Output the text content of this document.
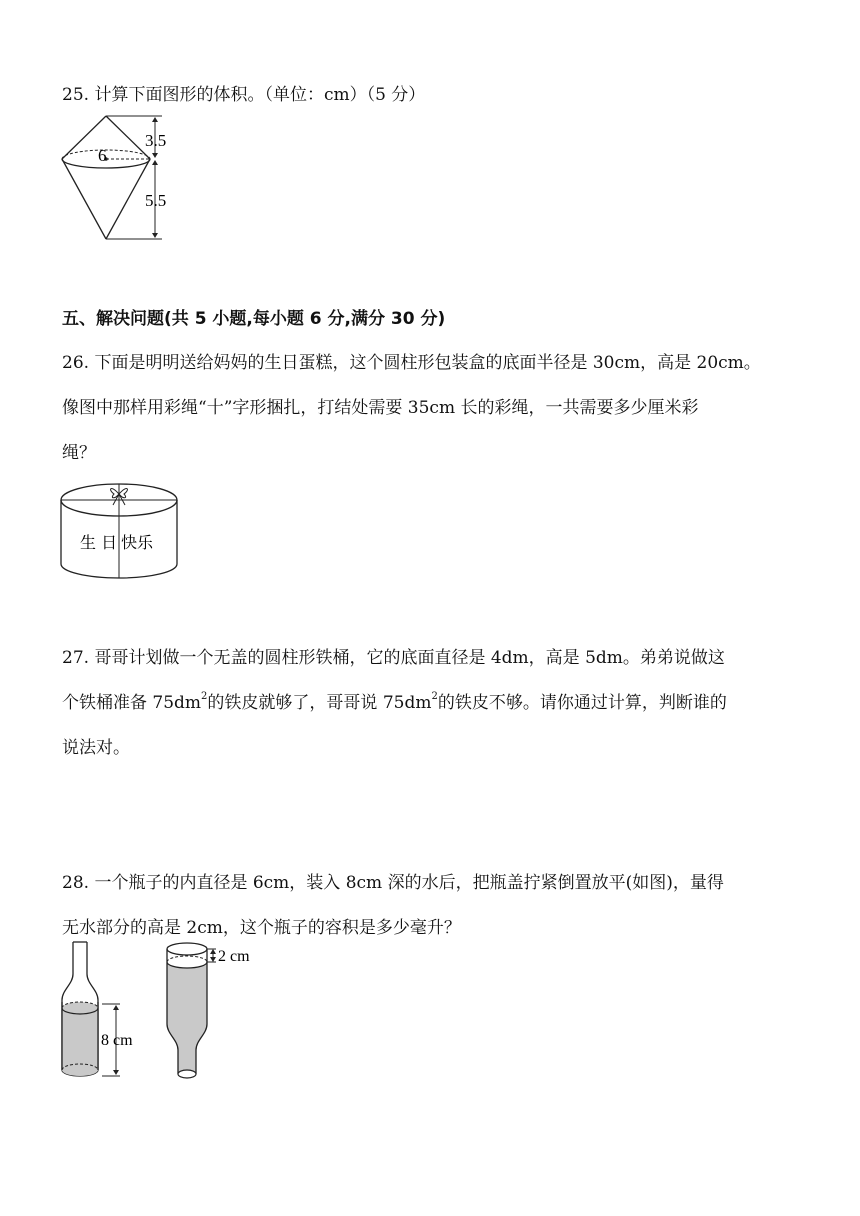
25. 计算下面图形的体积。（单位：cm）（5 分）
6
3.5
5.5
五、解决问题(共 5 小题,每小题 6 分,满分 30 分)
26. 下面是明明送给妈妈的生日蛋糕，这个圆柱形包装盒的底面半径是 30cm，高是 20cm。
像图中那样用彩绳“十”字形捆扎，打结处需要 35cm 长的彩绳，一共需要多少厘米彩
绳？
生 日 快乐
27. 哥哥计划做一个无盖的圆柱形铁桶，它的底面直径是 4dm，高是 5dm。弟弟说做这
个铁桶准备 $75dm^2$的铁皮就够了，哥哥说 $75dm^2$的铁皮不够。请你通过计算，判断谁的
说法对。
28. 一个瓶子的内直径是 6cm，装入 8cm 深的水后，把瓶盖拧紧倒置放平(如图)，量得
无水部分的高是 2cm，这个瓶子的容积是多少毫升？
8 cm
2 cm
